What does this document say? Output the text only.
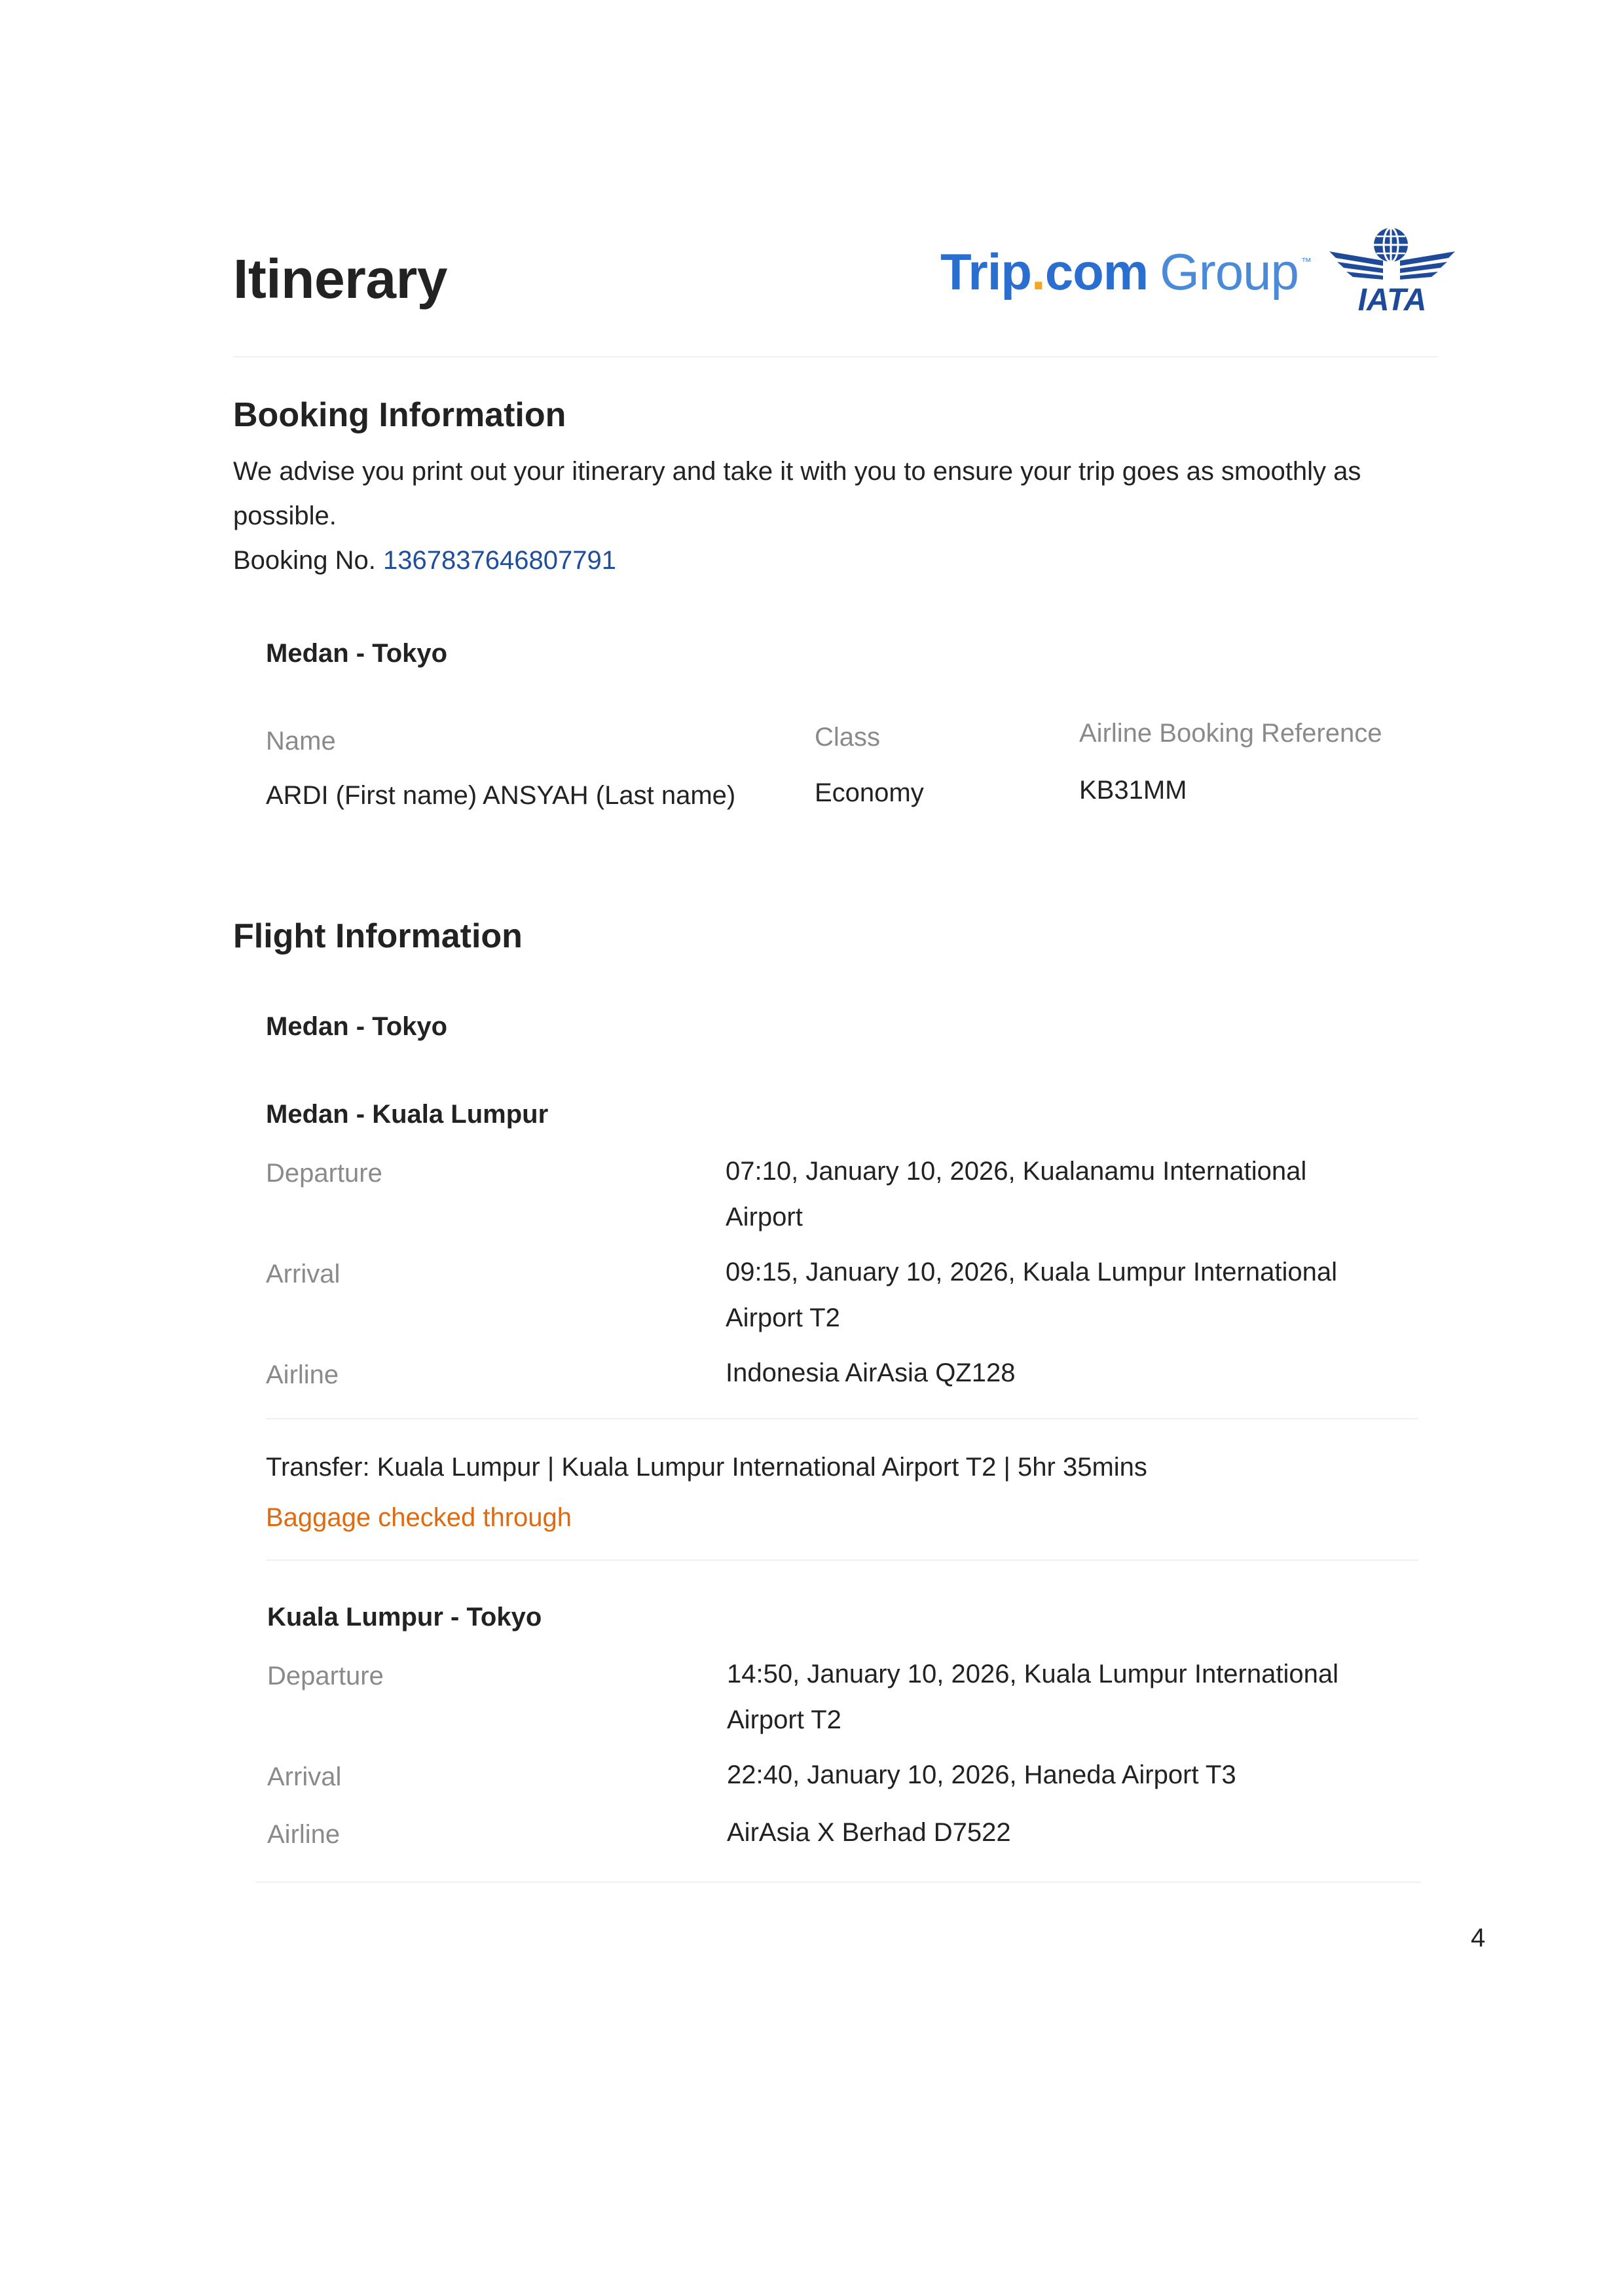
Itinerary	Trip.com Group ™
IATA
Booking Information
We advise you print out your itinerary and take it with you to ensure your trip goes as smoothly as
possible.
Booking No. 1367837646807791
Medan - Tokyo
Name	Class	Airline Booking Reference
ARDI (First name) ANSYAH (Last name)	Economy	KB31MM
Flight Information
Medan - Tokyo
Medan - Kuala Lumpur
Departure	07:10, January 10, 2026, Kualanamu International
Airport
Arrival	09:15, January 10, 2026, Kuala Lumpur International
Airport T2
Airline	Indonesia AirAsia QZ128
Transfer: Kuala Lumpur | Kuala Lumpur International Airport T2 | 5hr 35mins
Baggage checked through
Kuala Lumpur - Tokyo
Departure	14:50, January 10, 2026, Kuala Lumpur International
Airport T2
Arrival	22:40, January 10, 2026, Haneda Airport T3
Airline	AirAsia X Berhad D7522
4
